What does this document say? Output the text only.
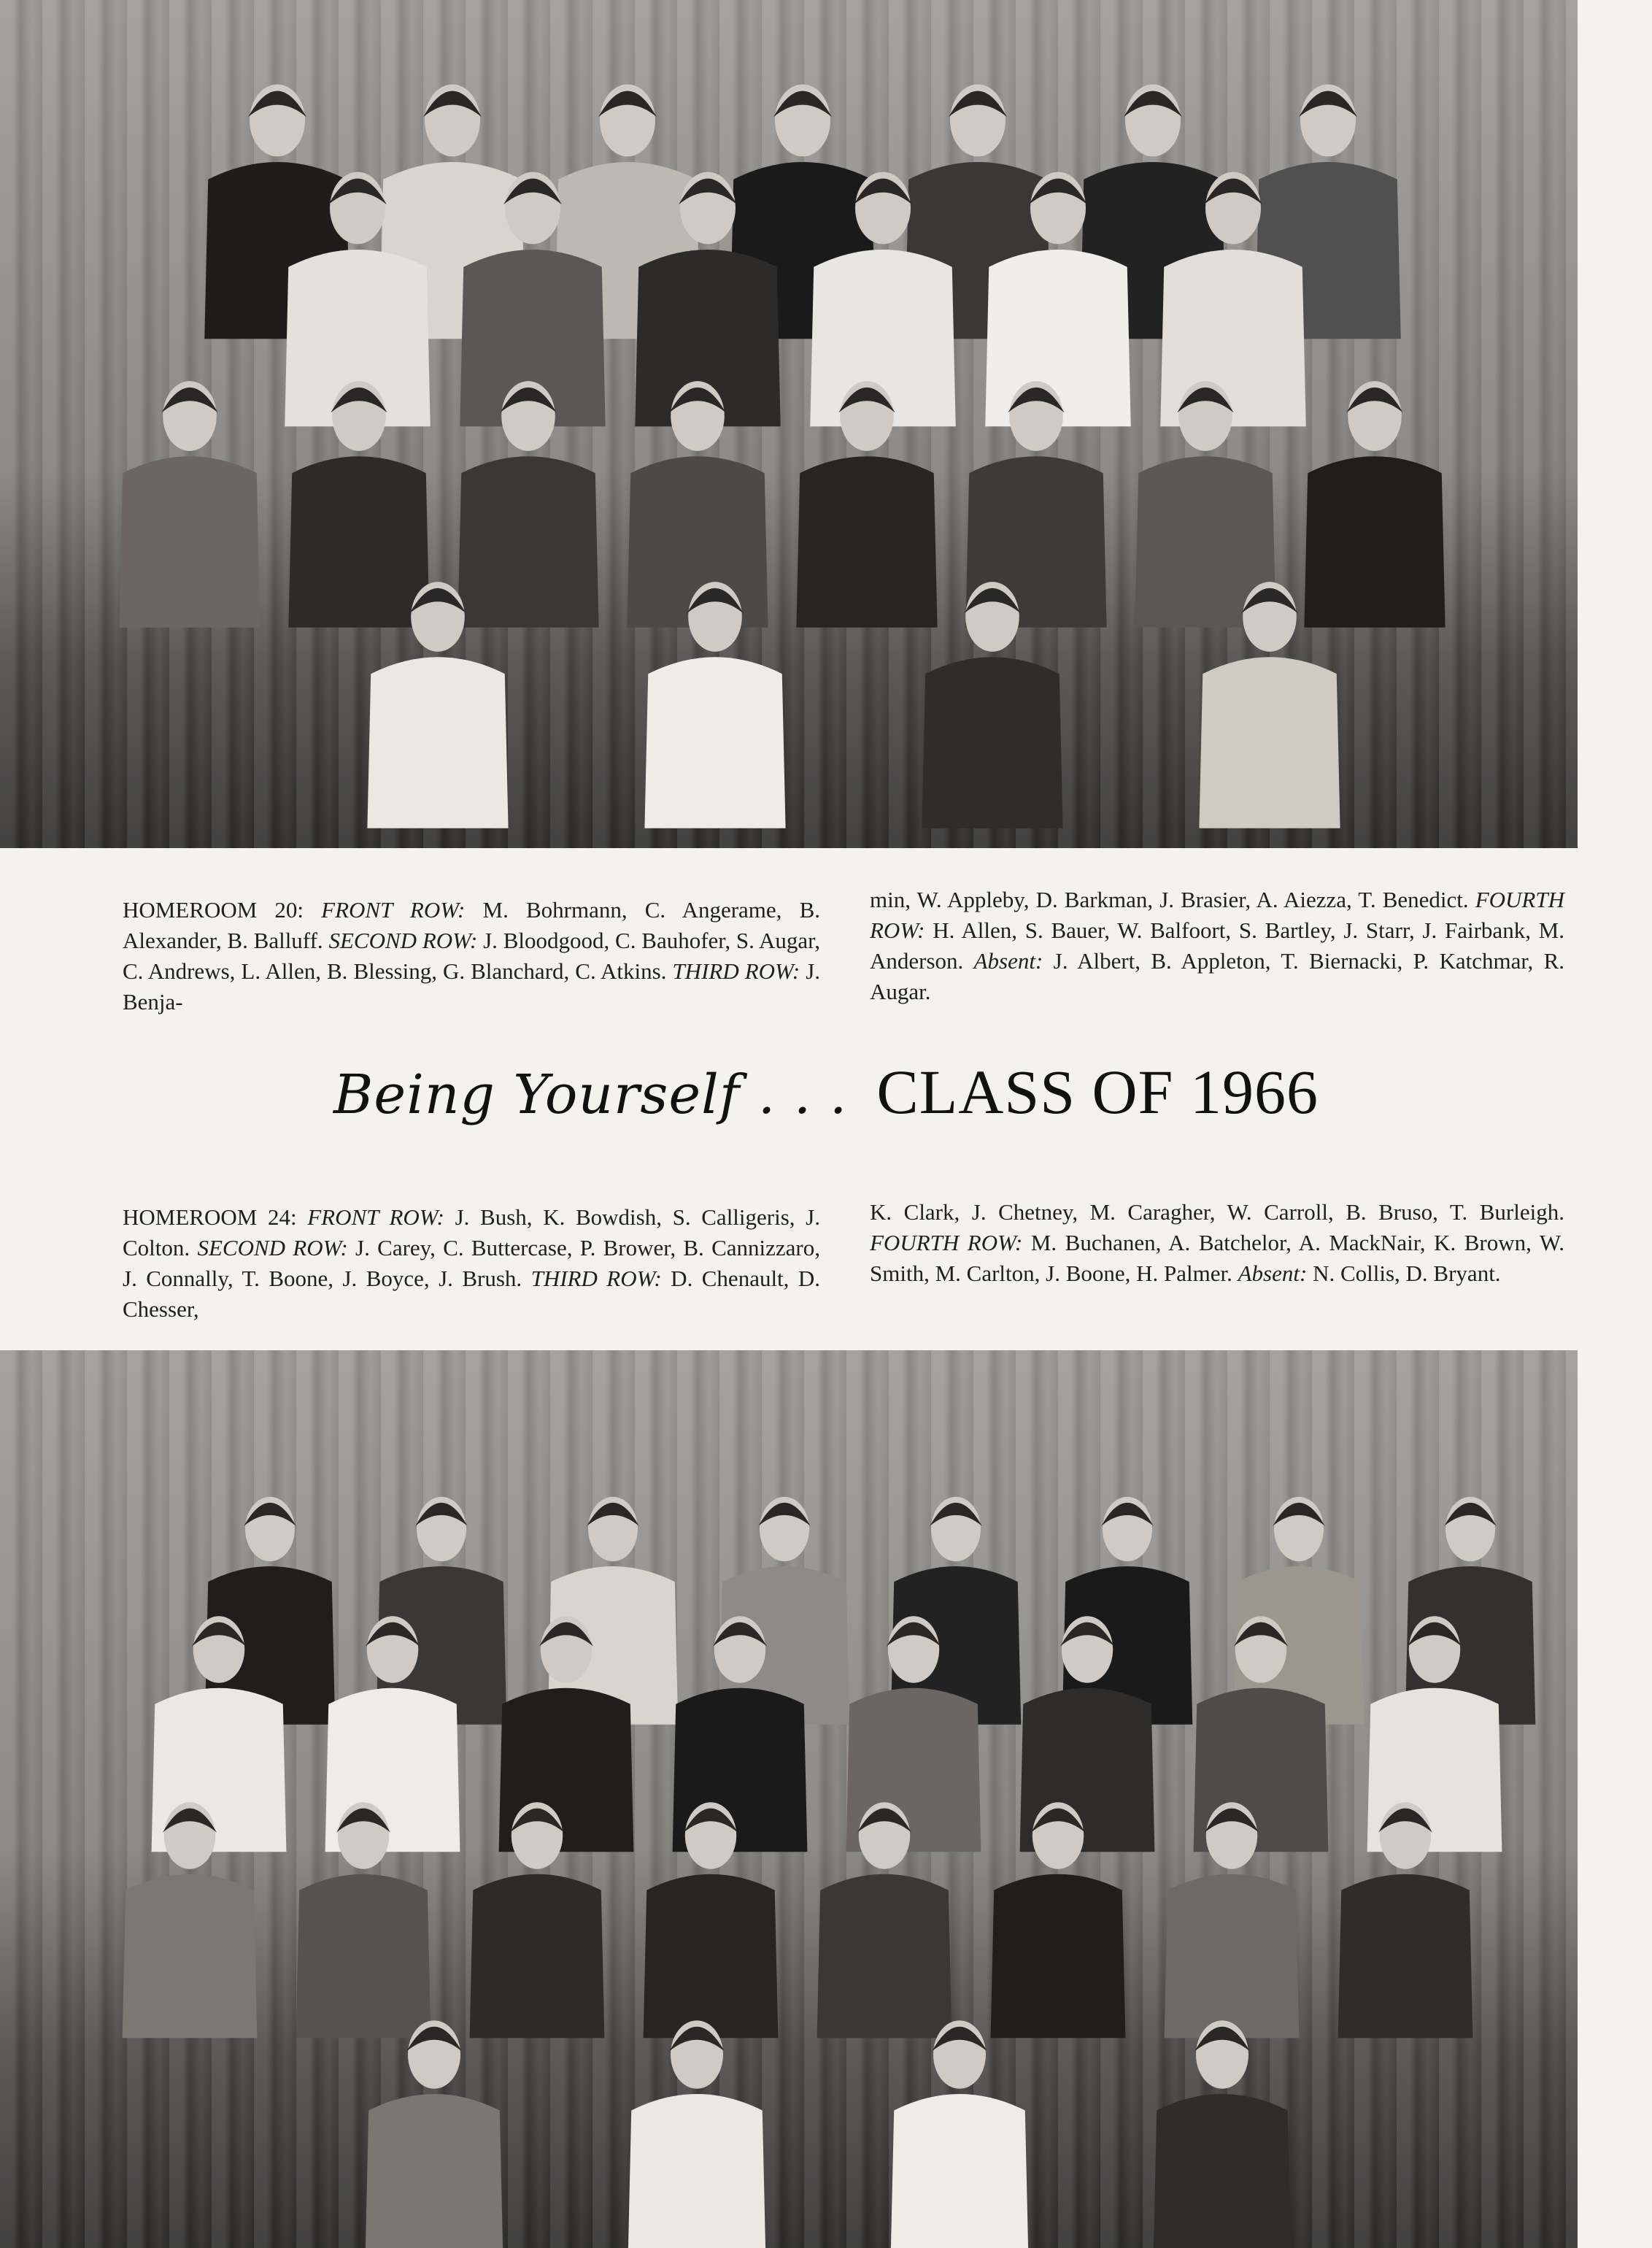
HOMEROOM 20: FRONT ROW: M. Bohrmann, C. Angerame, B. Alexander, B. Balluff. SECOND ROW: J. Bloodgood, C. Bauhofer, S. Augar, C. Andrews, L. Allen, B. Blessing, G. Blanchard, C. Atkins. THIRD ROW: J. Benja-
min, W. Appleby, D. Barkman, J. Brasier, A. Aiezza, T. Benedict. FOURTH ROW: H. Allen, S. Bauer, W. Balfoort, S. Bartley, J. Starr, J. Fairbank, M. Anderson. Absent: J. Albert, B. Appleton, T. Biernacki, P. Katchmar, R. Augar.
Being Yourself . . . CLASS OF 1966
HOMEROOM 24: FRONT ROW: J. Bush, K. Bowdish, S. Calligeris, J. Colton. SECOND ROW: J. Carey, C. Buttercase, P. Brower, B. Cannizzaro, J. Connally, T. Boone, J. Boyce, J. Brush. THIRD ROW: D. Chenault, D. Chesser,
K. Clark, J. Chetney, M. Caragher, W. Carroll, B. Bruso, T. Burleigh. FOURTH ROW: M. Buchanen, A. Batchelor, A. MackNair, K. Brown, W. Smith, M. Carlton, J. Boone, H. Palmer. Absent: N. Collis, D. Bryant.
